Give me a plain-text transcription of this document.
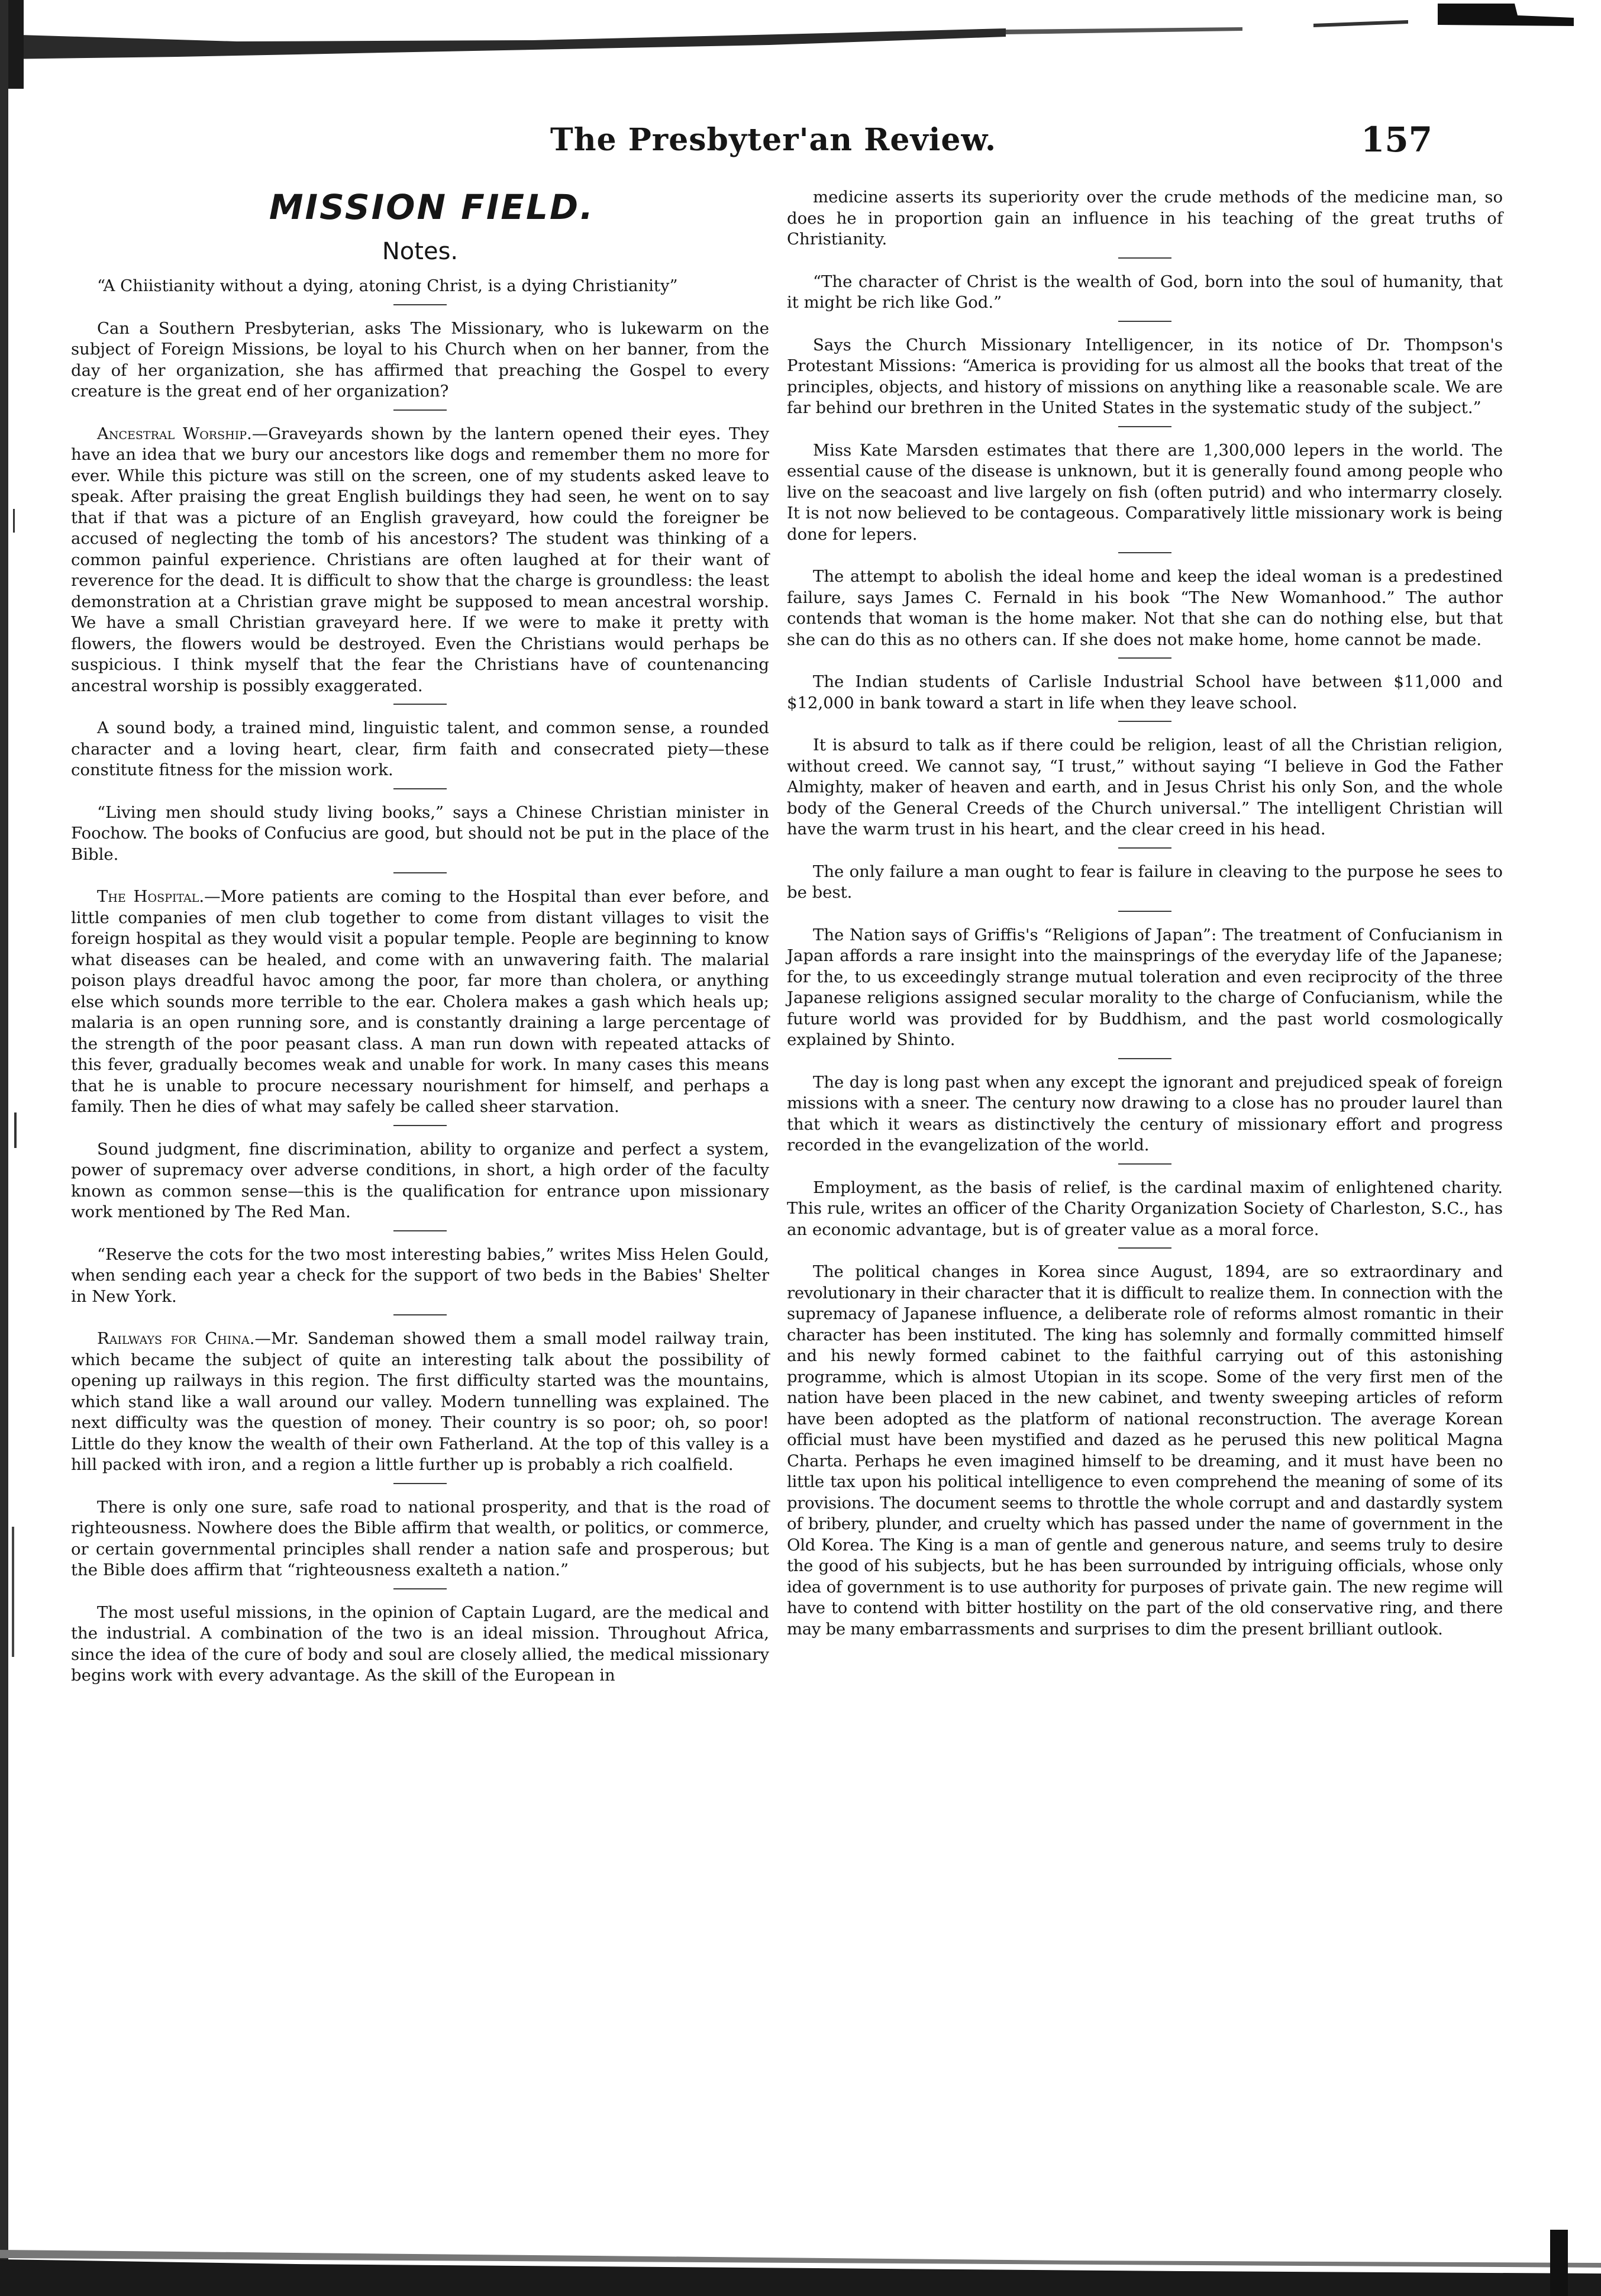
The Presbyter'an Review.	157
MISSION FIELD.
Notes.

“A Chiistianity without a dying, atoning Christ, is a dying Christianity”

Can a Southern Presbyterian, asks The Missionary, who is lukewarm on the subject of Foreign Missions, be loyal to his Church when on her banner, from the day of her organization, she has affirmed that preaching the Gospel to every creature is the great end of her organization?

Ancestral Worship.—Graveyards shown by the lantern opened their eyes. They have an idea that we bury our ancestors like dogs and remember them no more for ever. While this picture was still on the screen, one of my students asked leave to speak. After praising the great English buildings they had seen, he went on to say that if that was a picture of an English graveyard, how could the foreigner be accused of neglecting the tomb of his ancestors? The student was thinking of a common painful experience. Christians are often laughed at for their want of reverence for the dead. It is difficult to show that the charge is groundless: the least demonstration at a Christian grave might be supposed to mean ancestral worship. We have a small Christian graveyard here. If we were to make it pretty with flowers, the flowers would be destroyed. Even the Christians would perhaps be suspicious. I think myself that the fear the Christians have of countenancing ancestral worship is possibly exaggerated.

A sound body, a trained mind, linguistic talent, and common sense, a rounded character and a loving heart, clear, firm faith and consecrated piety—these constitute fitness for the mission work.

“Living men should study living books,” says a Chinese Christian minister in Foochow. The books of Confucius are good, but should not be put in the place of the Bible.

The Hospital.—More patients are coming to the Hospital than ever before, and little companies of men club together to come from distant villages to visit the foreign hospital as they would visit a popular temple. People are beginning to know what diseases can be healed, and come with an unwavering faith. The malarial poison plays dreadful havoc among the poor, far more than cholera, or anything else which sounds more terrible to the ear. Cholera makes a gash which heals up; malaria is an open running sore, and is constantly draining a large percentage of the strength of the poor peasant class. A man run down with repeated attacks of this fever, gradually becomes weak and unable for work. In many cases this means that he is unable to procure necessary nourishment for himself, and perhaps a family. Then he dies of what may safely be called sheer starvation.

Sound judgment, fine discrimination, ability to organize and perfect a system, power of supremacy over adverse conditions, in short, a high order of the faculty known as common sense—this is the qualification for entrance upon missionary work mentioned by The Red Man.

“Reserve the cots for the two most interesting babies,” writes Miss Helen Gould, when sending each year a check for the support of two beds in the Babies' Shelter in New York.

Railways for China.—Mr. Sandeman showed them a small model railway train, which became the subject of quite an interesting talk about the possibility of opening up railways in this region. The first difficulty started was the mountains, which stand like a wall around our valley. Modern tunnelling was explained. The next difficulty was the question of money. Their country is so poor; oh, so poor! Little do they know the wealth of their own Fatherland. At the top of this valley is a hill packed with iron, and a region a little further up is probably a rich coalfield.

There is only one sure, safe road to national prosperity, and that is the road of righteousness. Nowhere does the Bible affirm that wealth, or politics, or commerce, or certain governmental principles shall render a nation safe and prosperous; but the Bible does affirm that “righteousness exalteth a nation.”

The most useful missions, in the opinion of Captain Lugard, are the medical and the industrial. A combination of the two is an ideal mission. Throughout Africa, since the idea of the cure of body and soul are closely allied, the medical missionary begins work with every advantage. As the skill of the European in

medicine asserts its superiority over the crude methods of the medicine man, so does he in proportion gain an influence in his teaching of the great truths of Christianity.

“The character of Christ is the wealth of God, born into the soul of humanity, that it might be rich like God.”

Says the Church Missionary Intelligencer, in its notice of Dr. Thompson's Protestant Missions: “America is providing for us almost all the books that treat of the principles, objects, and history of missions on anything like a reasonable scale. We are far behind our brethren in the United States in the systematic study of the subject.”

Miss Kate Marsden estimates that there are 1,300,000 lepers in the world. The essential cause of the disease is unknown, but it is generally found among people who live on the seacoast and live largely on fish (often putrid) and who intermarry closely. It is not now believed to be contageous. Comparatively little missionary work is being done for lepers.

The attempt to abolish the ideal home and keep the ideal woman is a predestined failure, says James C. Fernald in his book “The New Womanhood.” The author contends that woman is the home maker. Not that she can do nothing else, but that she can do this as no others can. If she does not make home, home cannot be made.

The Indian students of Carlisle Industrial School have between $11,000 and $12,000 in bank toward a start in life when they leave school.

It is absurd to talk as if there could be religion, least of all the Christian religion, without creed. We cannot say, “I trust,” without saying “I believe in God the Father Almighty, maker of heaven and earth, and in Jesus Christ his only Son, and the whole body of the General Creeds of the Church universal.” The intelligent Christian will have the warm trust in his heart, and the clear creed in his head.

The only failure a man ought to fear is failure in cleaving to the purpose he sees to be best.

The Nation says of Griffis's “Religions of Japan”: The treatment of Confucianism in Japan affords a rare insight into the mainsprings of the everyday life of the Japanese; for the, to us exceedingly strange mutual toleration and even reciprocity of the three Japanese religions assigned secular morality to the charge of Confucianism, while the future world was provided for by Buddhism, and the past world cosmologically explained by Shinto.

The day is long past when any except the ignorant and prejudiced speak of foreign missions with a sneer. The century now drawing to a close has no prouder laurel than that which it wears as distinctively the century of missionary effort and progress recorded in the evangelization of the world.

Employment, as the basis of relief, is the cardinal maxim of enlightened charity. This rule, writes an officer of the Charity Organization Society of Charleston, S.C., has an economic advantage, but is of greater value as a moral force.

The political changes in Korea since August, 1894, are so extraordinary and revolutionary in their character that it is difficult to realize them. In connection with the supremacy of Japanese influence, a deliberate role of reforms almost romantic in their character has been instituted. The king has solemnly and formally committed himself and his newly formed cabinet to the faithful carrying out of this astonishing programme, which is almost Utopian in its scope. Some of the very first men of the nation have been placed in the new cabinet, and twenty sweeping articles of reform have been adopted as the platform of national reconstruction. The average Korean official must have been mystified and dazed as he perused this new political Magna Charta. Perhaps he even imagined himself to be dreaming, and it must have been no little tax upon his political intelligence to even comprehend the meaning of some of its provisions. The document seems to throttle the whole corrupt and and dastardly system of bribery, plunder, and cruelty which has passed under the name of government in the Old Korea. The King is a man of gentle and generous nature, and seems truly to desire the good of his subjects, but he has been surrounded by intriguing officials, whose only idea of government is to use authority for purposes of private gain. The new regime will have to contend with bitter hostility on the part of the old conservative ring, and there may be many embarrassments and surprises to dim the present brilliant outlook.
